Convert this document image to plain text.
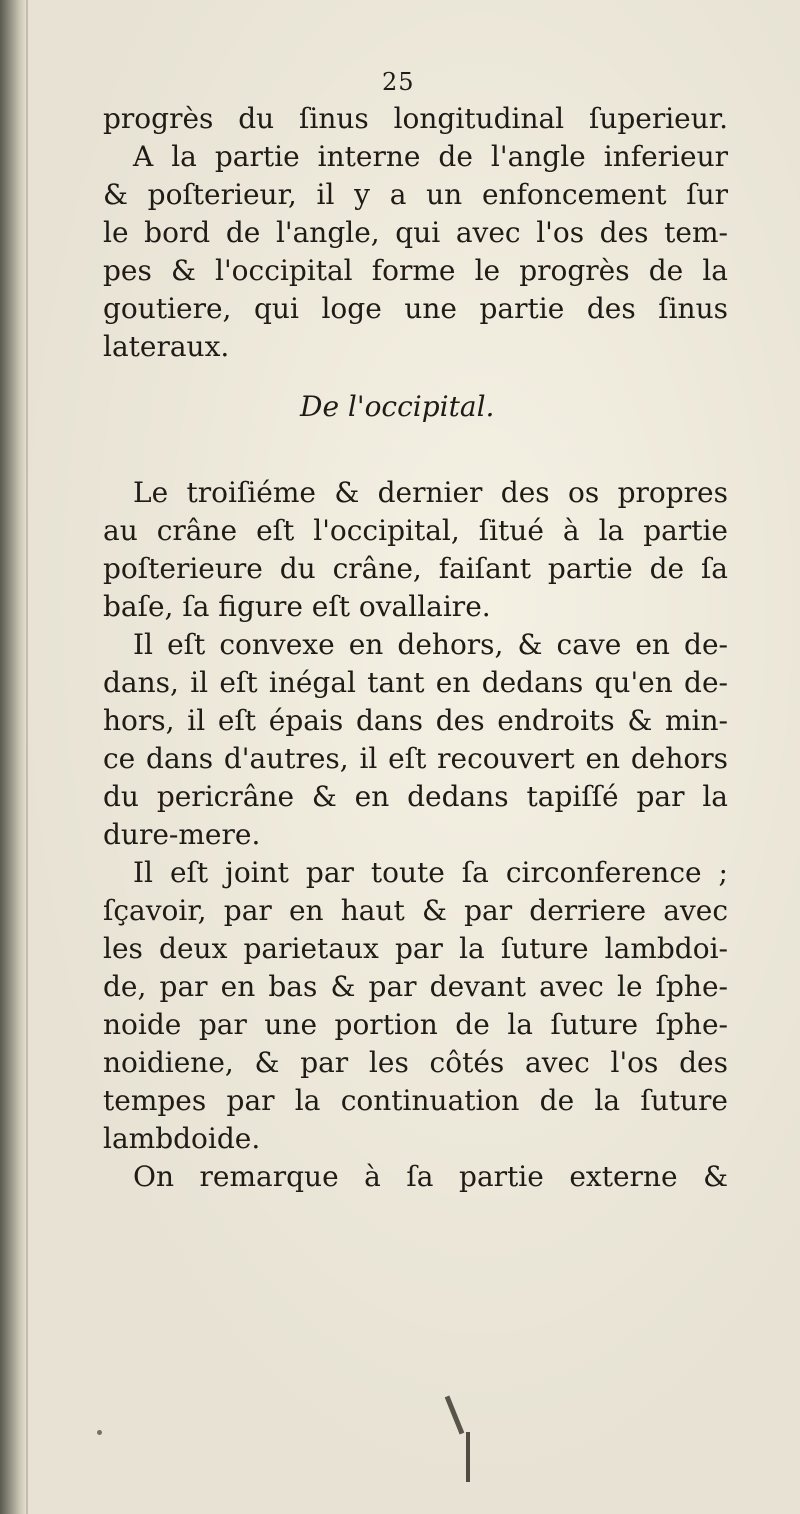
25
progrès du ſinus longitudinal ſuperieur.
A la partie interne de l'angle inferieur
& poſterieur, il y a un enfoncement ſur
le bord de l'angle, qui avec l'os des tem-
pes & l'occipital forme le progrès de la
goutiere, qui loge une partie des ſinus
lateraux.
De l'occipital.
Le troiſiéme & dernier des os propres
au crâne eſt l'occipital, ſitué à la partie
poſterieure du crâne, faiſant partie de ſa
baſe, ſa figure eſt ovallaire.
Il eſt convexe en dehors, & cave en de-
dans, il eſt inégal tant en dedans qu'en de-
hors, il eſt épais dans des endroits & min-
ce dans d'autres, il eſt recouvert en dehors
du pericrâne & en dedans tapiſſé par la
dure-mere.
Il eſt joint par toute ſa circonference ;
ſçavoir, par en haut & par derriere avec
les deux parietaux par la ſuture lambdoi-
de, par en bas & par devant avec le ſphe-
noide par une portion de la ſuture ſphe-
noidiene, & par les côtés avec l'os des
tempes par la continuation de la ſuture
lambdoide.
On remarque à ſa partie externe &
